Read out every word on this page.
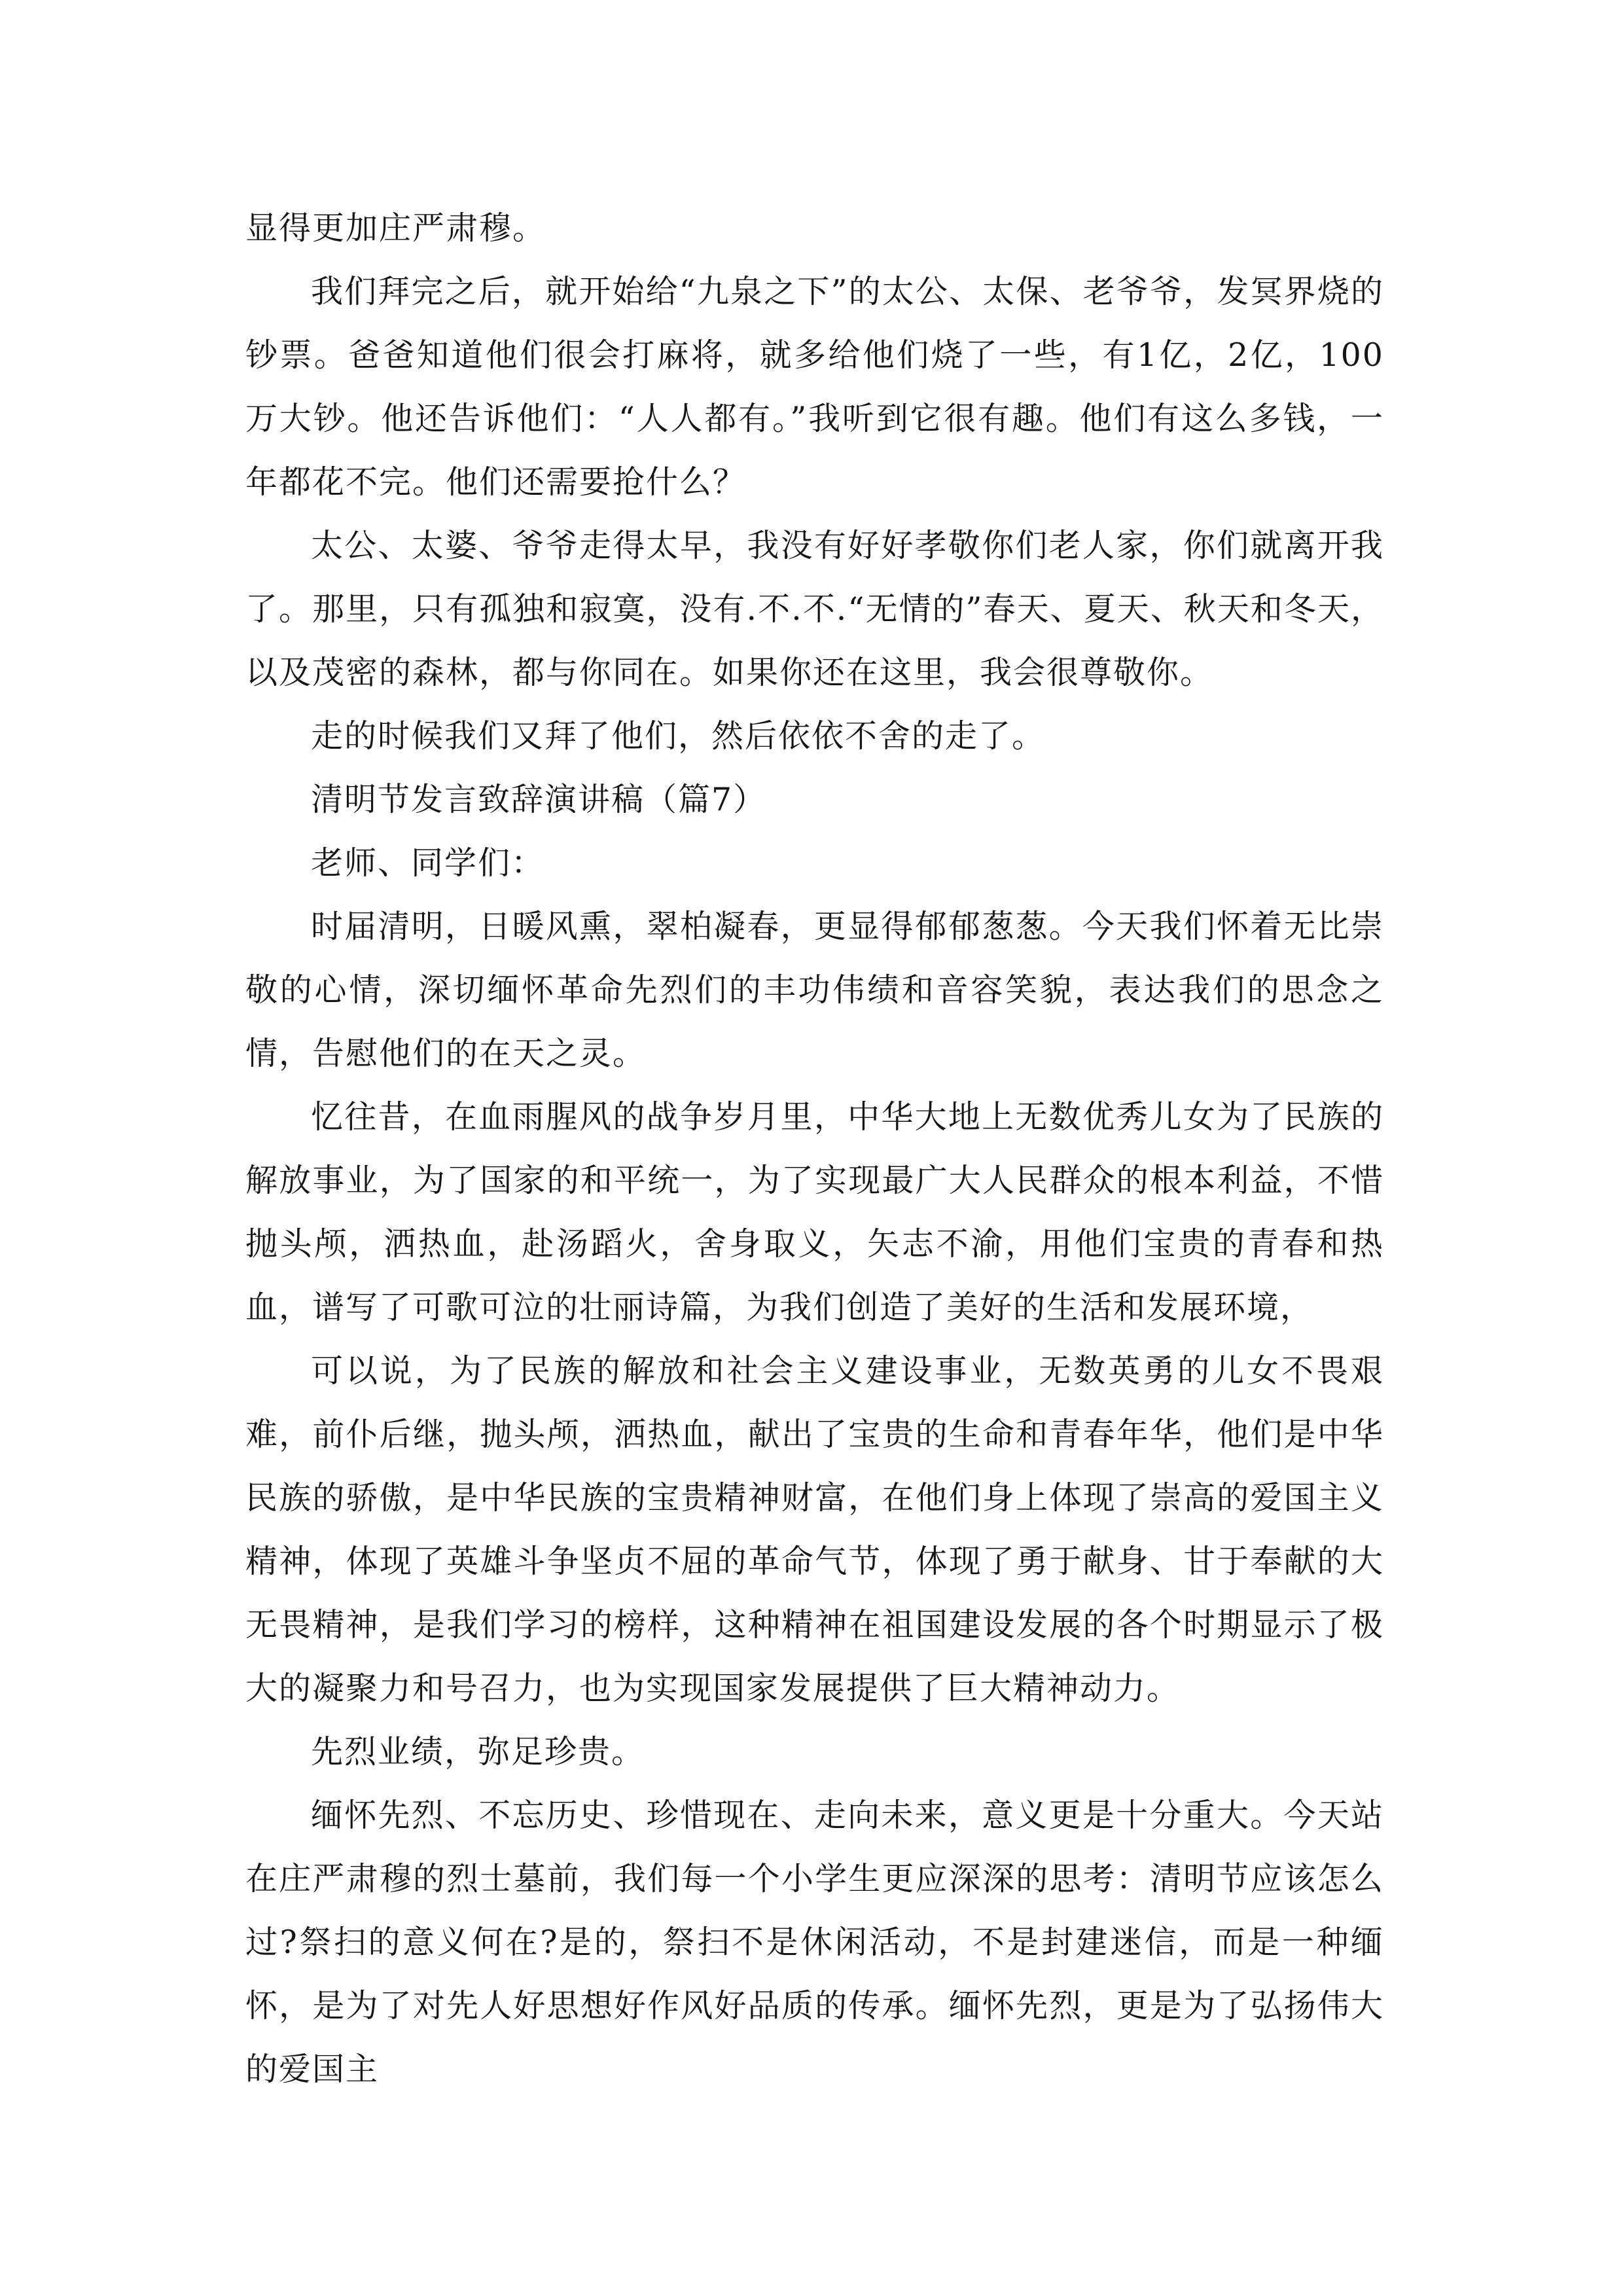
显得更加庄严肃穆。

我们拜完之后，就开始给“九泉之下”的太公、太保、老爷爷，发冥界烧的钞票。爸爸知道他们很会打麻将，就多给他们烧了一些，有1亿，2亿，100万大钞。他还告诉他们：“人人都有。”我听到它很有趣。他们有这么多钱，一年都花不完。他们还需要抢什么？

太公、太婆、爷爷走得太早，我没有好好孝敬你们老人家，你们就离开我了。那里，只有孤独和寂寞，没有.不.不.“无情的”春天、夏天、秋天和冬天，以及茂密的森林，都与你同在。如果你还在这里，我会很尊敬你。

走的时候我们又拜了他们，然后依依不舍的走了。

清明节发言致辞演讲稿（篇7）

老师、同学们：

时届清明，日暖风熏，翠柏凝春，更显得郁郁葱葱。今天我们怀着无比崇敬的心情，深切缅怀革命先烈们的丰功伟绩和音容笑貌，表达我们的思念之情，告慰他们的在天之灵。

忆往昔，在血雨腥风的战争岁月里，中华大地上无数优秀儿女为了民族的解放事业，为了国家的和平统一，为了实现最广大人民群众的根本利益，不惜抛头颅，洒热血，赴汤蹈火，舍身取义，矢志不渝，用他们宝贵的青春和热血，谱写了可歌可泣的壮丽诗篇，为我们创造了美好的生活和发展环境，

可以说，为了民族的解放和社会主义建设事业，无数英勇的儿女不畏艰难，前仆后继，抛头颅，洒热血，献出了宝贵的生命和青春年华，他们是中华民族的骄傲，是中华民族的宝贵精神财富，在他们身上体现了崇高的爱国主义精神，体现了英雄斗争坚贞不屈的革命气节，体现了勇于献身、甘于奉献的大无畏精神，是我们学习的榜样，这种精神在祖国建设发展的各个时期显示了极大的凝聚力和号召力，也为实现国家发展提供了巨大精神动力。

先烈业绩，弥足珍贵。

缅怀先烈、不忘历史、珍惜现在、走向未来，意义更是十分重大。今天站在庄严肃穆的烈士墓前，我们每一个小学生更应深深的思考：清明节应该怎么过?祭扫的意义何在?是的，祭扫不是休闲活动，不是封建迷信，而是一种缅怀，是为了对先人好思想好作风好品质的传承。缅怀先烈，更是为了弘扬伟大的爱国主
